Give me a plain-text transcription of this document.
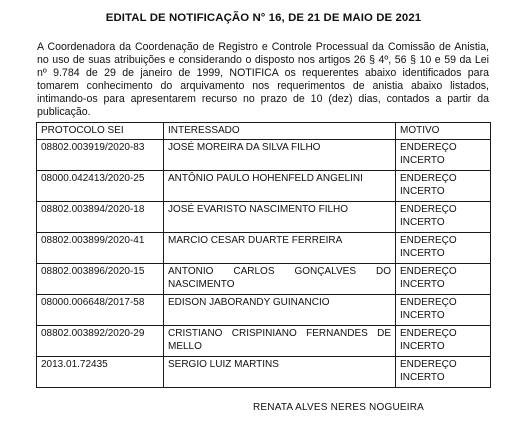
EDITAL DE NOTIFICAÇÃO N° 16, DE 21 DE MAIO DE 2021
A Coordenadora da Coordenação de Registro e Controle Processual da Comissão de Anistia, no uso de suas atribuições e considerando o disposto nos artigos 26 § 4º, 56 § 10 e 59 da Lei nº 9.784 de 29 de janeiro de 1999, NOTIFICA os requerentes abaixo identificados para tomarem conhecimento do arquivamento nos requerimentos de anistia abaixo listados, intimando-os para apresentarem recurso no prazo de 10 (dez) dias, contados a partir da publicação.
PROTOCOLO SEI	INTERESSADO	MOTIVO
08802.003919/2020-83	JOSÉ MOREIRA DA SILVA FILHO	ENDEREÇO INCERTO
08000.042413/2020-25	ANTÔNIO PAULO HOHENFELD ANGELINI	ENDEREÇO INCERTO
08802.003894/2020-18	JOSÉ EVARISTO NASCIMENTO FILHO	ENDEREÇO INCERTO
08802.003899/2020-41	MARCIO CESAR DUARTE FERREIRA	ENDEREÇO INCERTO
08802.003896/2020-15	ANTONIO CARLOS GONÇALVES DO NASCIMENTO	ENDEREÇO INCERTO
08000.006648/2017-58	EDISON JABORANDY GUINANCIO	ENDEREÇO INCERTO
08802.003892/2020-29	CRISTIANO CRISPINIANO FERNANDES DE MELLO	ENDEREÇO INCERTO
2013.01.72435	SERGIO LUIZ MARTINS	ENDEREÇO INCERTO
RENATA ALVES NERES NOGUEIRA
